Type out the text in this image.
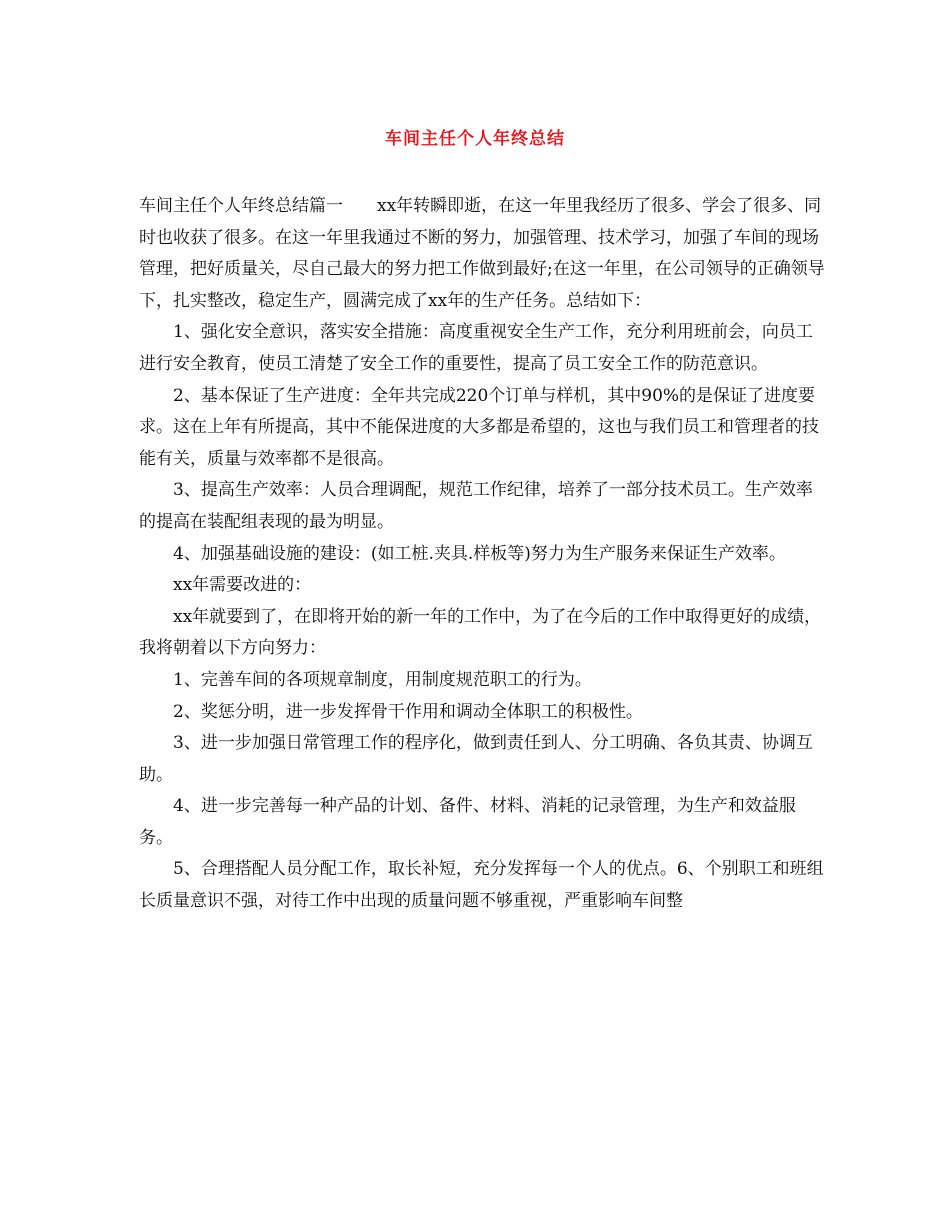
车间主任个人年终总结

车间主任个人年终总结篇一　　xx年转瞬即逝，在这一年里我经历了很多、学会了很多、同时也收获了很多。在这一年里我通过不断的努力，加强管理、技术学习，加强了车间的现场管理，把好质量关，尽自己最大的努力把工作做到最好;在这一年里，在公司领导的正确领导下，扎实整改，稳定生产，圆满完成了xx年的生产任务。总结如下：

1、强化安全意识，落实安全措施：高度重视安全生产工作，充分利用班前会，向员工进行安全教育，使员工清楚了安全工作的重要性，提高了员工安全工作的防范意识。

2、基本保证了生产进度：全年共完成220个订单与样机，其中90%的是保证了进度要求。这在上年有所提高，其中不能保进度的大多都是希望的，这也与我们员工和管理者的技能有关，质量与效率都不是很高。

3、提高生产效率：人员合理调配，规范工作纪律，培养了一部分技术员工。生产效率的提高在装配组表现的最为明显。

4、加强基础设施的建设：(如工桩.夹具.样板等)努力为生产服务来保证生产效率。

xx年需要改进的：

xx年就要到了，在即将开始的新一年的工作中，为了在今后的工作中取得更好的成绩，我将朝着以下方向努力：

1、完善车间的各项规章制度，用制度规范职工的行为。

2、奖惩分明，进一步发挥骨干作用和调动全体职工的积极性。

3、进一步加强日常管理工作的程序化，做到责任到人、分工明确、各负其责、协调互助。

4、进一步完善每一种产品的计划、备件、材料、消耗的记录管理，为生产和效益服务。

5、合理搭配人员分配工作，取长补短，充分发挥每一个人的优点。6、个别职工和班组长质量意识不强，对待工作中出现的质量问题不够重视，严重影响车间整
